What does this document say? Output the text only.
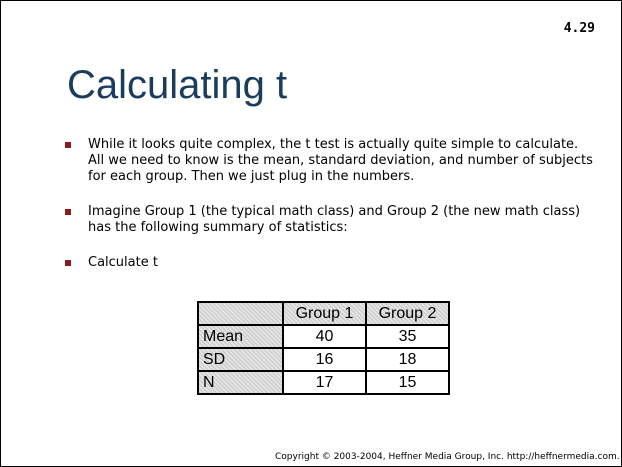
4.29
Calculating t
While it looks quite complex, the t test is actually quite simple to calculate. All we need to know is the mean, standard deviation, and number of subjects for each group. Then we just plug in the numbers.
Imagine Group 1 (the typical math class) and Group 2 (the new math class) has the following summary of statistics:
Calculate t
	Group 1	Group 2
Mean	40	35
SD	16	18
N	17	15
Copyright © 2003-2004, Heffner Media Group, Inc. http://heffnermedia.com.
